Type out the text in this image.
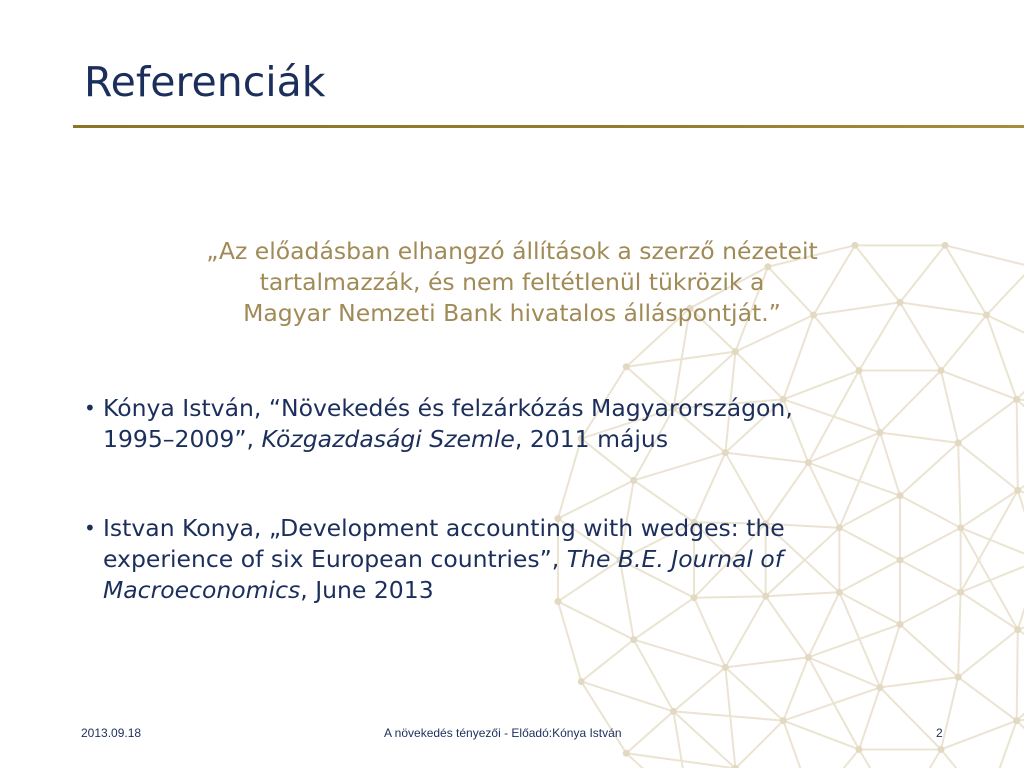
Referenciák
„Az előadásban elhangzó állítások a szerző nézeteit
tartalmazzák, és nem feltétlenül tükrözik a
Magyar Nemzeti Bank hivatalos álláspontját.”
• Kónya István, “Növekedés és felzárkózás Magyarországon,
1995–2009”, Közgazdasági Szemle, 2011 május
• Istvan Konya, „Development accounting with wedges: the
experience of six European countries”, The B.E. Journal of
Macroeconomics, June 2013
2013.09.18	A növekedés tényezői - Előadó:Kónya István	2
